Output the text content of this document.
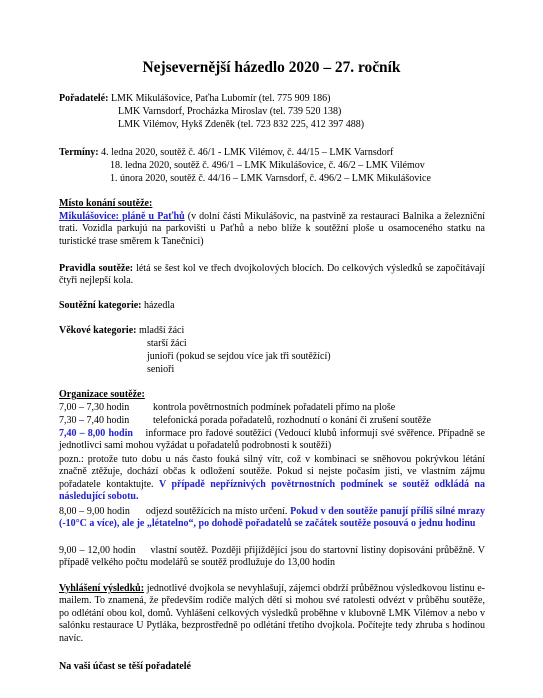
Nejsevernější házedlo 2020 – 27. ročník
Pořadatelé: LMK Mikulášovice, Paťha Lubomír (tel. 775 909 186)
LMK Varnsdorf, Procházka Miroslav (tel. 739 520 138)
LMK Vilémov, Hykš Zdeněk (tel. 723 832 225, 412 397 488)
Termíny: 4. ledna 2020, soutěž č. 46/1 - LMK Vilémov, č. 44/15 – LMK Varnsdorf
18. ledna 2020, soutěž č. 496/1 – LMK Mikulášovice, č. 46/2 – LMK Vilémov
1. února 2020, soutěž č. 44/16 – LMK Varnsdorf, č. 496/2 – LMK Mikulášovice
Místo konání soutěže:
Mikulášovice: pláně u Paťhů (v dolní části Mikulášovic, na pastvině za restaurací Balnika a železniční trati. Vozidla parkujú na parkovišti u Paťhů a nebo blíže k soutěžní ploše u osamoceného statku na turistické trase směrem k Tanečnici)
Pravidla soutěže: létá se šest kol ve třech dvojkolových blocích. Do celkových výsledků se započítávají čtyři nejlepší kola.
Soutěžní kategorie: házedla
Věkové kategorie: mladší žáci
starší žáci
junioři (pokud se sejdou více jak tři soutěžící)
senioři
Organizace soutěže:
7,00 – 7,30 hodin kontrola povětrnostních podmínek pořadateli přímo na ploše
7,30 – 7,40 hodin telefonická porada pořadatelů, rozhodnutí o konání či zrušení soutěže
7,40 – 8,00 hodin informace pro řadové soutěžící (Vedoucí klubů informují své svěřence. Případně se jednotlivci sami mohou vyžádat u pořadatelů podrobnosti k soutěži)
pozn.: protože tuto dobu u nás často fouká silný vítr, což v kombinaci se sněhovou pokrývkou létání značně ztěžuje, dochází občas k odložení soutěže. Pokud si nejste počasím jisti, ve vlastním zájmu pořadatele kontaktujte. V případě nepříznivých povětrnostních podmínek se soutěž odkládá na následující sobotu.
8,00 – 9,00 hodin odjezd soutěžících na místo určení. Pokud v den soutěže panují příliš silné mrazy (-10°C a více), ale je „létatelno“, po dohodě pořadatelů se začátek soutěže posouvá o jednu hodinu
9,00 – 12,00 hodin vlastní soutěž. Později přijíždějící jsou do startovní listiny dopisováni průběžně. V případě velkého počtu modelářů se soutěž prodlužuje do 13,00 hodin
Vyhlášení výsledků: jednotlivé dvojkola se nevyhlašují, zájemci obdrží průběžnou výsledkovou listinu e-mailem. To znamená, že především rodiče malých dětí si mohou své ratolesti odvézt v průběhu soutěže, po odlétání obou kol, domů. Vyhlášení celkových výsledků proběhne v klubovně LMK Vilémov a nebo v salónku restaurace U Pytláka, bezprostředně po odlétání třetího dvojkola. Počítejte tedy zhruba s hodinou navíc.
Na vaši účast se těší pořadatelé
